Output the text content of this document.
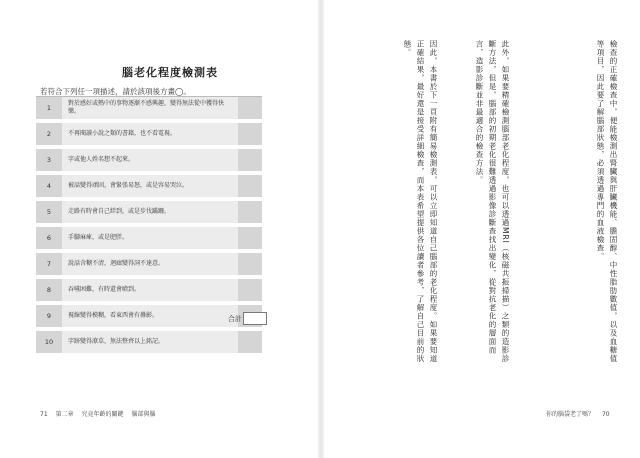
腦老化程度檢測表
若符合下列任一項描述，請於該項後方畫◯。
1
對於感好或熱中的事物逐漸不感興趣，變得無法從中獲得快樂。
2	不再閱讀小說之類的書籍，也不看電視。
3	字或他人姓名想不起來。
4	被話變得頑固，會緊張易怒，或是容易哭泣。
5	走路有時會自己絆到，或是步伐蹣跚。
6	手腳麻痺，或是肥胖。
7	說話含糊不清，迴廊變得詞不達意。
8	吞嚥困難，有時還會嗆到。
9	視線變得模糊，看東西會有疊影。
10	字跡變得潦草，無法整齊以上銘記。
合計
71 第二章 究竟年齡的關鍵 腦部與腦
檢查的正確檢查中，便能檢測出腎臟與肝臟機能、膽固醇、中性脂肪數值，以及血糖值等項目，因此要了解腦部狀態，必須透過專門的血液檢查。
此外，如果要精確檢測腦部老化程度，也可以透過MRI（核磁共振掃描）之類的造影診斷方法，但是，腦部的初期老化很難透過影像診斷查找出變化，從對抗老化的層面而言，造影診斷並非最適合的檢查方法。
因此，本書於下一頁附有簡易檢測表，可以立即知道自己腦部的老化程度。如果要知道正確結果，最好還是接受詳細檢查，而本表希望提供各位讀者參考，了解自己目前的狀態。
你的腦袋老了嗎？ 70
